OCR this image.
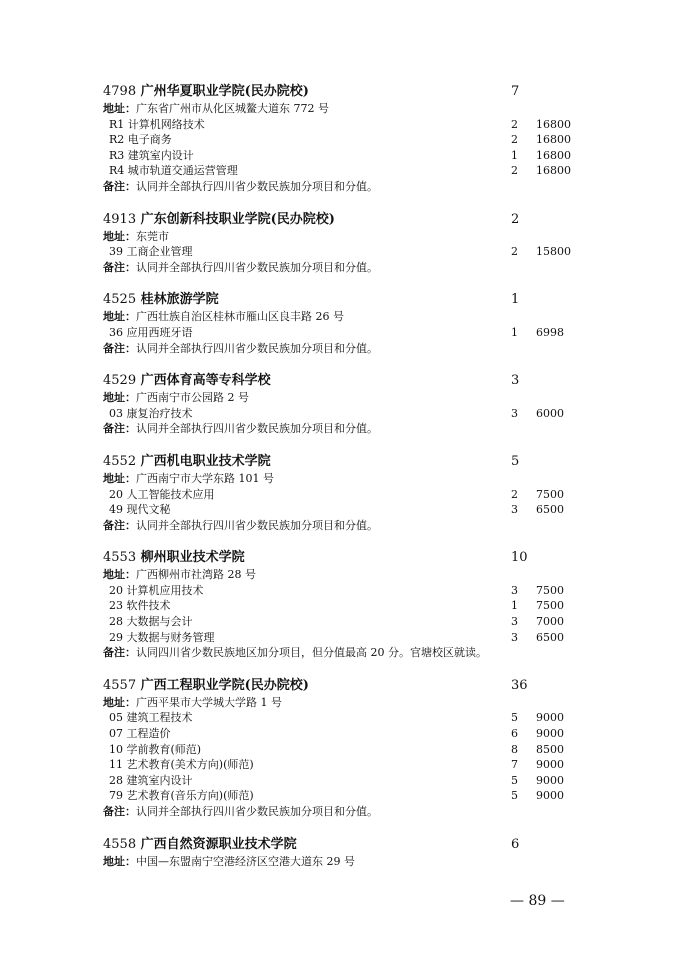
4798 广州华夏职业学院(民办院校)	7
地址：广东省广州市从化区城鳌大道东 772 号
R1 计算机网络技术	2 16800
R2 电子商务	2 16800
R3 建筑室内设计	1 16800
R4 城市轨道交通运营管理	2 16800
备注：认同并全部执行四川省少数民族加分项目和分值。
4913 广东创新科技职业学院(民办院校)	2
地址：东莞市
39 工商企业管理	2 15800
备注：认同并全部执行四川省少数民族加分项目和分值。
4525 桂林旅游学院	1
地址：广西壮族自治区桂林市雁山区良丰路 26 号
36 应用西班牙语	1 6998
备注：认同并全部执行四川省少数民族加分项目和分值。
4529 广西体育高等专科学校	3
地址：广西南宁市公园路 2 号
03 康复治疗技术	3 6000
备注：认同并全部执行四川省少数民族加分项目和分值。
4552 广西机电职业技术学院	5
地址：广西南宁市大学东路 101 号
20 人工智能技术应用	2 7500
49 现代文秘	3 6500
备注：认同并全部执行四川省少数民族加分项目和分值。
4553 柳州职业技术学院	10
地址：广西柳州市社湾路 28 号
20 计算机应用技术	3 7500
23 软件技术	1 7500
28 大数据与会计	3 7000
29 大数据与财务管理	3 6500
备注：认同四川省少数民族地区加分项目，但分值最高 20 分。官塘校区就读。
4557 广西工程职业学院(民办院校)	36
地址：广西平果市大学城大学路 1 号
05 建筑工程技术	5 9000
07 工程造价	6 9000
10 学前教育(师范)	8 8500
11 艺术教育(美术方向)(师范)	7 9000
28 建筑室内设计	5 9000
79 艺术教育(音乐方向)(师范)	5 9000
备注：认同并全部执行四川省少数民族加分项目和分值。
4558 广西自然资源职业技术学院	6
地址：中国—东盟南宁空港经济区空港大道东 29 号
— 89 —
